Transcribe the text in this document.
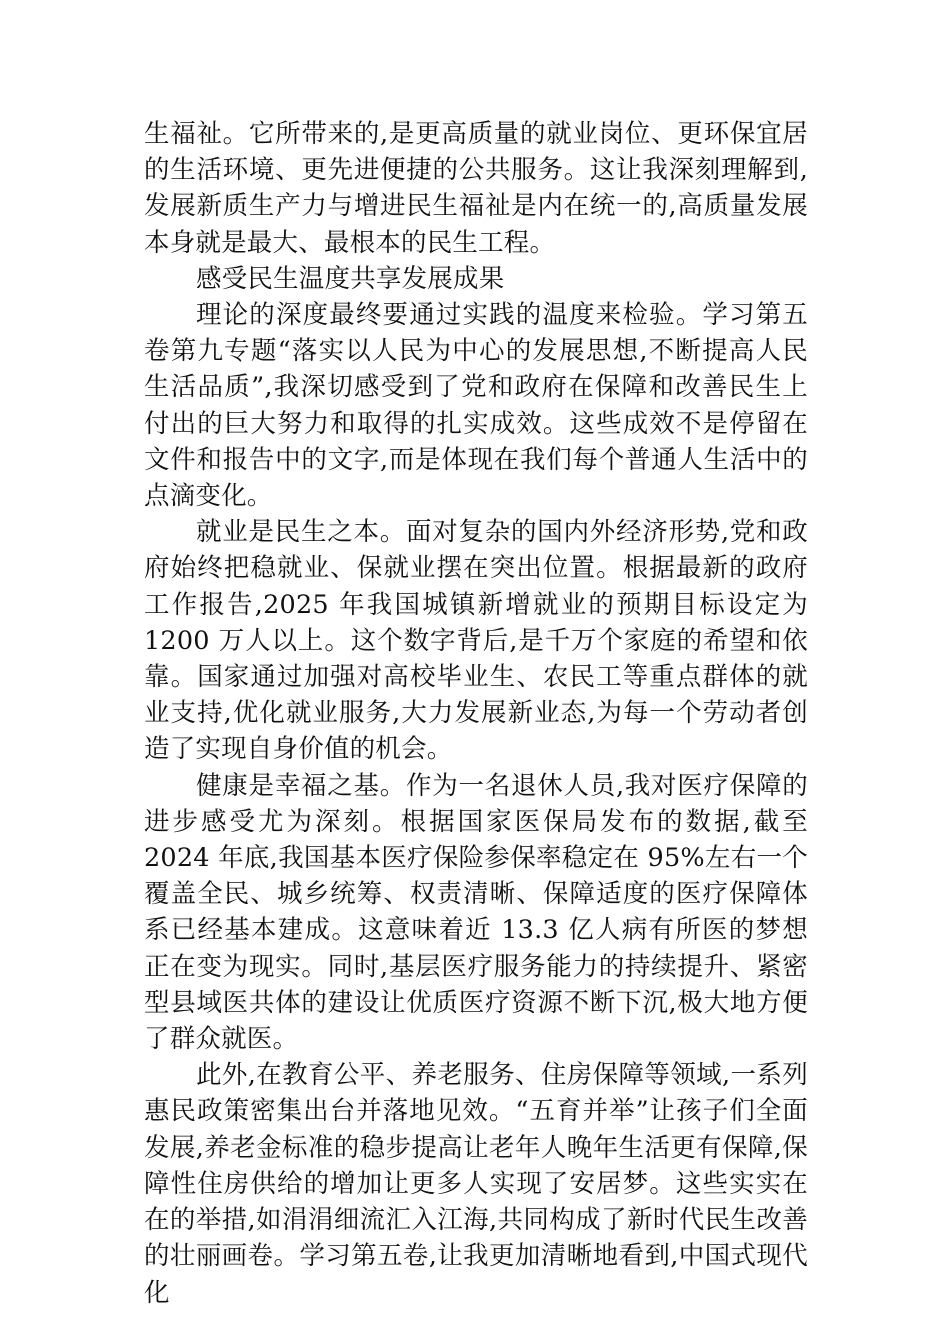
生福祉。它所带来的,是更高质量的就业岗位、更环保宜居的生活环境、更先进便捷的公共服务。这让我深刻理解到,发展新质生产力与增进民生福祉是内在统一的,高质量发展本身就是最大、最根本的民生工程。

感受民生温度共享发展成果

理论的深度最终要通过实践的温度来检验。学习第五卷第九专题“落实以人民为中心的发展思想,不断提高人民生活品质”,我深切感受到了党和政府在保障和改善民生上付出的巨大努力和取得的扎实成效。这些成效不是停留在文件和报告中的文字,而是体现在我们每个普通人生活中的点滴变化。

就业是民生之本。面对复杂的国内外经济形势,党和政府始终把稳就业、保就业摆在突出位置。根据最新的政府工作报告,2025 年我国城镇新增就业的预期目标设定为 1200 万人以上。这个数字背后,是千万个家庭的希望和依靠。国家通过加强对高校毕业生、农民工等重点群体的就业支持,优化就业服务,大力发展新业态,为每一个劳动者创造了实现自身价值的机会。

健康是幸福之基。作为一名退休人员,我对医疗保障的进步感受尤为深刻。根据国家医保局发布的数据,截至 2024 年底,我国基本医疗保险参保率稳定在 95%左右一个覆盖全民、城乡统筹、权责清晰、保障适度的医疗保障体系已经基本建成。这意味着近 13.3 亿人病有所医的梦想正在变为现实。同时,基层医疗服务能力的持续提升、紧密型县域医共体的建设让优质医疗资源不断下沉,极大地方便了群众就医。

此外,在教育公平、养老服务、住房保障等领域,一系列惠民政策密集出台并落地见效。“五育并举”让孩子们全面发展,养老金标准的稳步提高让老年人晚年生活更有保障,保障性住房供给的增加让更多人实现了安居梦。这些实实在在的举措,如涓涓细流汇入江海,共同构成了新时代民生改善的壮丽画卷。学习第五卷,让我更加清晰地看到,中国式现代化
